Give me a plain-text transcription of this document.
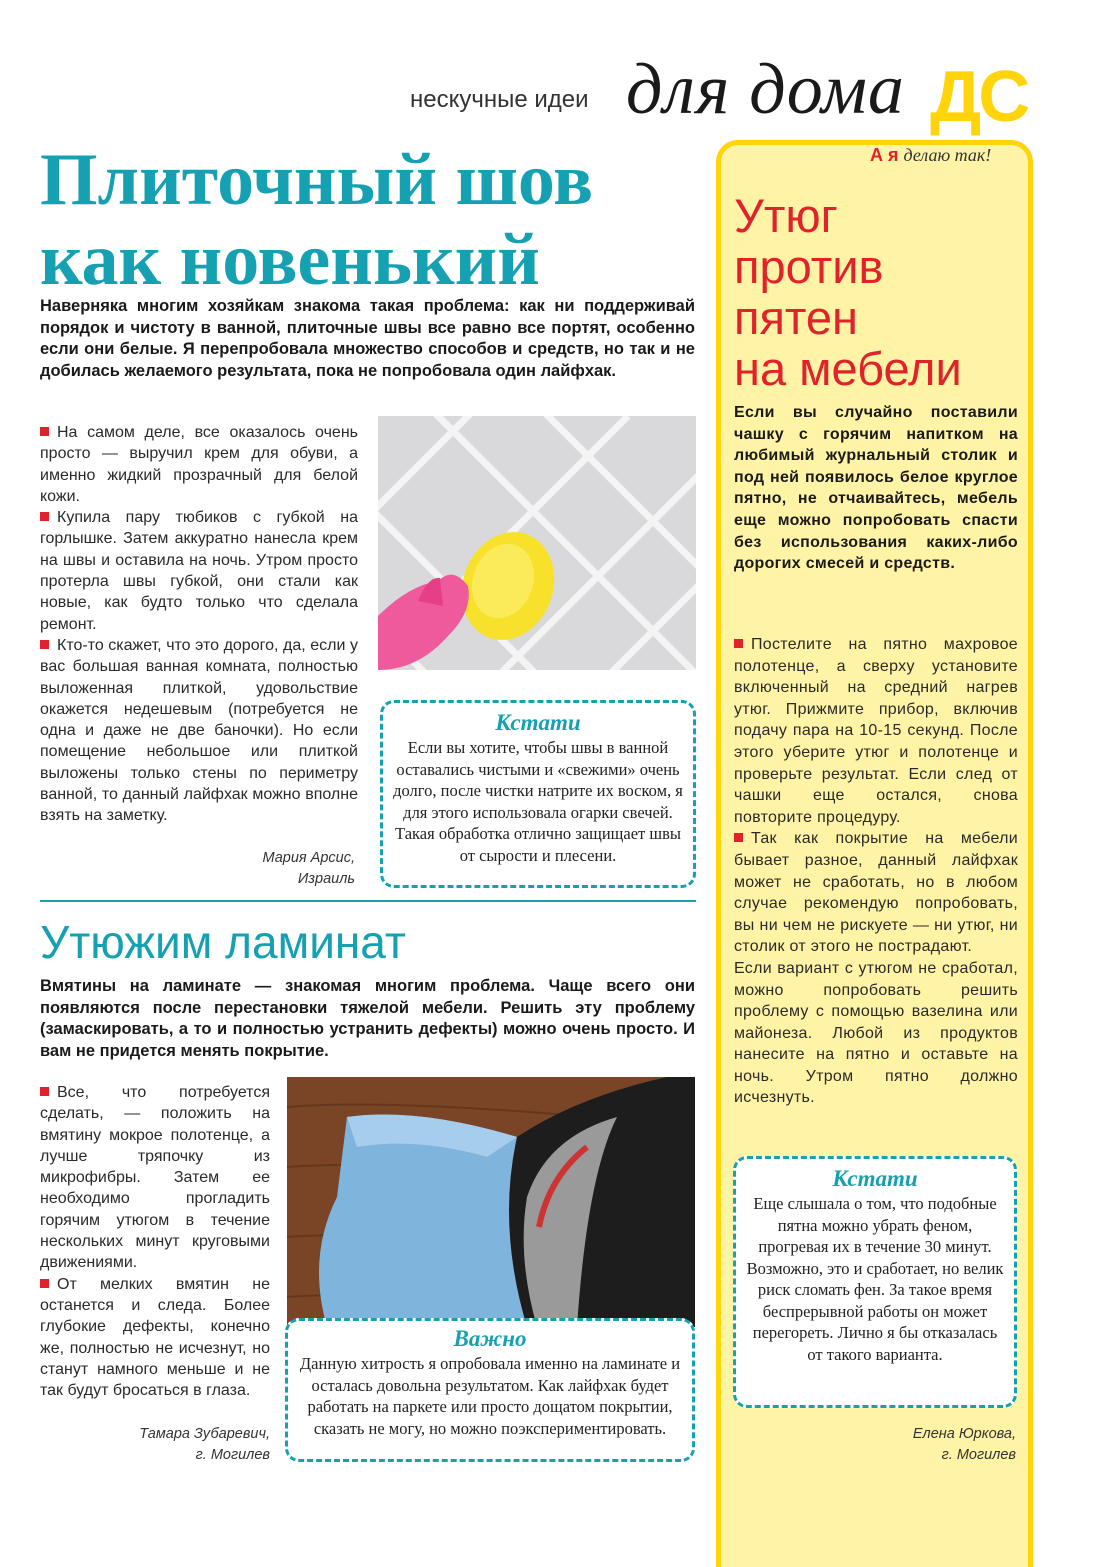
нескучные идеи для дома ДС
Плиточный шов
как новенький
Наверняка многим хозяйкам знакома такая проблема: как ни поддерживай порядок и чистоту в ванной, плиточные швы все равно все портят, особенно если они белые. Я перепробовала множество способов и средств, но так и не добилась желаемого результата, пока не попробовала один лайфхак.

На самом деле, все оказалось очень просто — выручил крем для обуви, а именно жидкий прозрачный для белой кожи.

Купила пару тюбиков с губкой на горлышке. Затем аккуратно нанесла крем на швы и оставила на ночь. Утром просто протерла швы губкой, они стали как новые, как будто только что сделала ремонт.

Кто-то скажет, что это дорого, да, если у вас большая ванная комната, полностью выложенная плиткой, удовольствие окажется недешевым (потребуется не одна и даже не две баночки). Но если помещение небольшое или плиткой выложены только стены по периметру ванной, то данный лайфхак можно вполне взять на заметку.

Мария Арсис,
Израиль
Кстати
Если вы хотите, чтобы швы в ванной оставались чистыми и «свежими» очень долго, после чистки натрите их воском, я для этого использовала огарки свечей. Такая обработка отлично защищает швы от сырости и плесени.
Утюжим ламинат
Вмятины на ламинате — знакомая многим проблема. Чаще всего они появляются после перестановки тяжелой мебели. Решить эту проблему (замаскировать, а то и полностью устранить дефекты) можно очень просто. И вам не придется менять покрытие.

Все, что потребуется сделать, — положить на вмятину мокрое полотенце, а лучше тряпочку из микрофибры. Затем ее необходимо прогладить горячим утюгом в течение нескольких минут круговыми движениями.

От мелких вмятин не останется и следа. Более глубокие дефекты, конечно же, полностью не исчезнут, но станут намного меньше и не так будут бросаться в глаза.

Тамара Зубаревич,
г. Могилев
Важно
Данную хитрость я опробовала именно на ламинате и осталась довольна результатом. Как лайфхак будет работать на паркете или просто дощатом покрытии, сказать не могу, но можно поэкспериментировать.
А я делаю так!
Утюг
против
пятен
на мебели
Если вы случайно поставили чашку с горячим напитком на любимый журнальный столик и под ней появилось белое круглое пятно, не отчаивайтесь, мебель еще можно попробовать спасти без использования каких-либо дорогих смесей и средств.

Постелите на пятно махровое полотенце, а сверху установите включенный на средний нагрев утюг. Прижмите прибор, включив подачу пара на 10-15 секунд. После этого уберите утюг и полотенце и проверьте результат. Если след от чашки еще остался, снова повторите процедуру.

Так как покрытие на мебели бывает разное, данный лайфхак может не сработать, но в любом случае рекомендую попробовать, вы ни чем не рискуете — ни утюг, ни столик от этого не пострадают.

Если вариант с утюгом не сработал, можно попробовать решить проблему с помощью вазелина или майонеза. Любой из продуктов нанесите на пятно и оставьте на ночь. Утром пятно должно исчезнуть.

Кстати
Еще слышала о том, что подобные пятна можно убрать феном, прогревая их в течение 30 минут. Возможно, это и сработает, но велик риск сломать фен. За такое время беспрерывной работы он может перегореть. Лично я бы отказалась от такого варианта.
Елена Юркова,
г. Могилев
